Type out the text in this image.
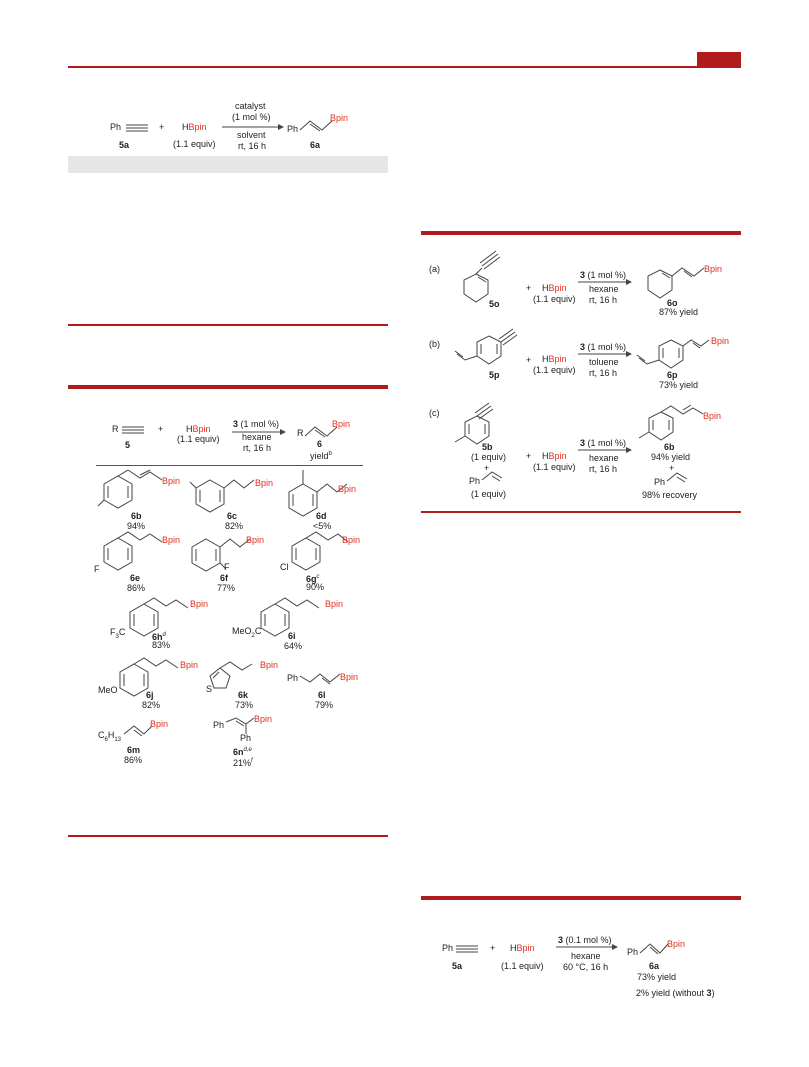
Ph
5a
+ HBpin
(1.1 equiv)
catalyst
(1 mol %)
solvent
rt, 16 h
Ph
Bpin
6a
R
5
+	HBpin
(1.1 equiv)
3 (1 mol %)
hexane
rt, 16 h
R
Bpin
6
yield$^b$
Bpin
6b
94%
Bpin
6c
82%
Bpin
6d
<5%
F
Bpin
6e
86%
F
Bpin
6f
77%
Cl
Bpin
$6g^c$
90%
$F_3C$
Bpin
$6h^d$
83%
MeO$_2$C
Bpin
6i
64%
MeO
Bpin
6j
82%
S
Bpin
6k
73%
Ph	Bpin
6l
79%
$C_6H_{13}$
Bpin
6m
86%
Ph
Bpin
Ph
$6n^{d,e}$
21%$^f$
(a)
5o
+ HBpin
(1.1 equiv)
3 (1 mol %)
hexane
rt, 16 h
Bpin
6o
87% yield
(b)
5p
+ HBpin
(1.1 equiv)
3 (1 mol %)
toluene
rt, 16 h
Bpin
6p
73% yield
(c)
5b
(1 equiv)
+
Ph
(1 equiv)
+ HBpin
(1.1 equiv)
3 (1 mol %)
hexane
rt, 16 h
Bpin
6b
94% yield
+
Ph
98% recovery
Ph
5a
+ HBpin
(1.1 equiv)
3 (0.1 mol %)
hexane
60 °C, 16 h
Ph
Bpin
6a
73% yield
2% yield (without 3)
